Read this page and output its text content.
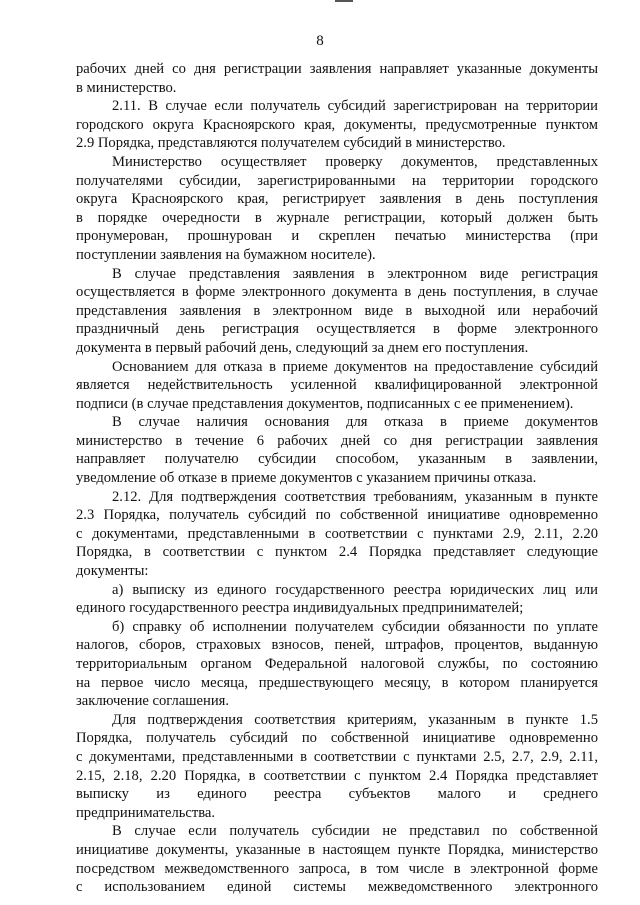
8
рабочих дней со дня регистрации заявления направляет указанные документы
в министерство.
2.11. В случае если получатель субсидий зарегистрирован на территории
городского округа Красноярского края, документы, предусмотренные пунктом
2.9 Порядка, представляются получателем субсидий в министерство.
Министерство осуществляет проверку документов, представленных
получателями субсидии, зарегистрированными на территории городского
округа Красноярского края, регистрирует заявления в день поступления
в порядке очередности в журнале регистрации, который должен быть
пронумерован, прошнурован и скреплен печатью министерства (при
поступлении заявления на бумажном носителе).
В случае представления заявления в электронном виде регистрация
осуществляется в форме электронного документа в день поступления, в случае
представления заявления в электронном виде в выходной или нерабочий
праздничный день регистрация осуществляется в форме электронного
документа в первый рабочий день, следующий за днем его поступления.
Основанием для отказа в приеме документов на предоставление субсидий
является недействительность усиленной квалифицированной электронной
подписи (в случае представления документов, подписанных с ее применением).
В случае наличия основания для отказа в приеме документов
министерство в течение 6 рабочих дней со дня регистрации заявления
направляет получателю субсидии способом, указанным в заявлении,
уведомление об отказе в приеме документов с указанием причины отказа.
2.12. Для подтверждения соответствия требованиям, указанным в пункте
2.3 Порядка, получатель субсидий по собственной инициативе одновременно
с документами, представленными в соответствии с пунктами 2.9, 2.11, 2.20
Порядка, в соответствии с пунктом 2.4 Порядка представляет следующие
документы:
а) выписку из единого государственного реестра юридических лиц или
единого государственного реестра индивидуальных предпринимателей;
б) справку об исполнении получателем субсидии обязанности по уплате
налогов, сборов, страховых взносов, пеней, штрафов, процентов, выданную
территориальным органом Федеральной налоговой службы, по состоянию
на первое число месяца, предшествующего месяцу, в котором планируется
заключение соглашения.
Для подтверждения соответствия критериям, указанным в пункте 1.5
Порядка, получатель субсидий по собственной инициативе одновременно
с документами, представленными в соответствии с пунктами 2.5, 2.7, 2.9, 2.11,
2.15, 2.18, 2.20 Порядка, в соответствии с пунктом 2.4 Порядка представляет
выписку из единого реестра субъектов малого и среднего
предпринимательства.
В случае если получатель субсидии не представил по собственной
инициативе документы, указанные в настоящем пункте Порядка, министерство
посредством межведомственного запроса, в том числе в электронной форме
с использованием единой системы межведомственного электронного
